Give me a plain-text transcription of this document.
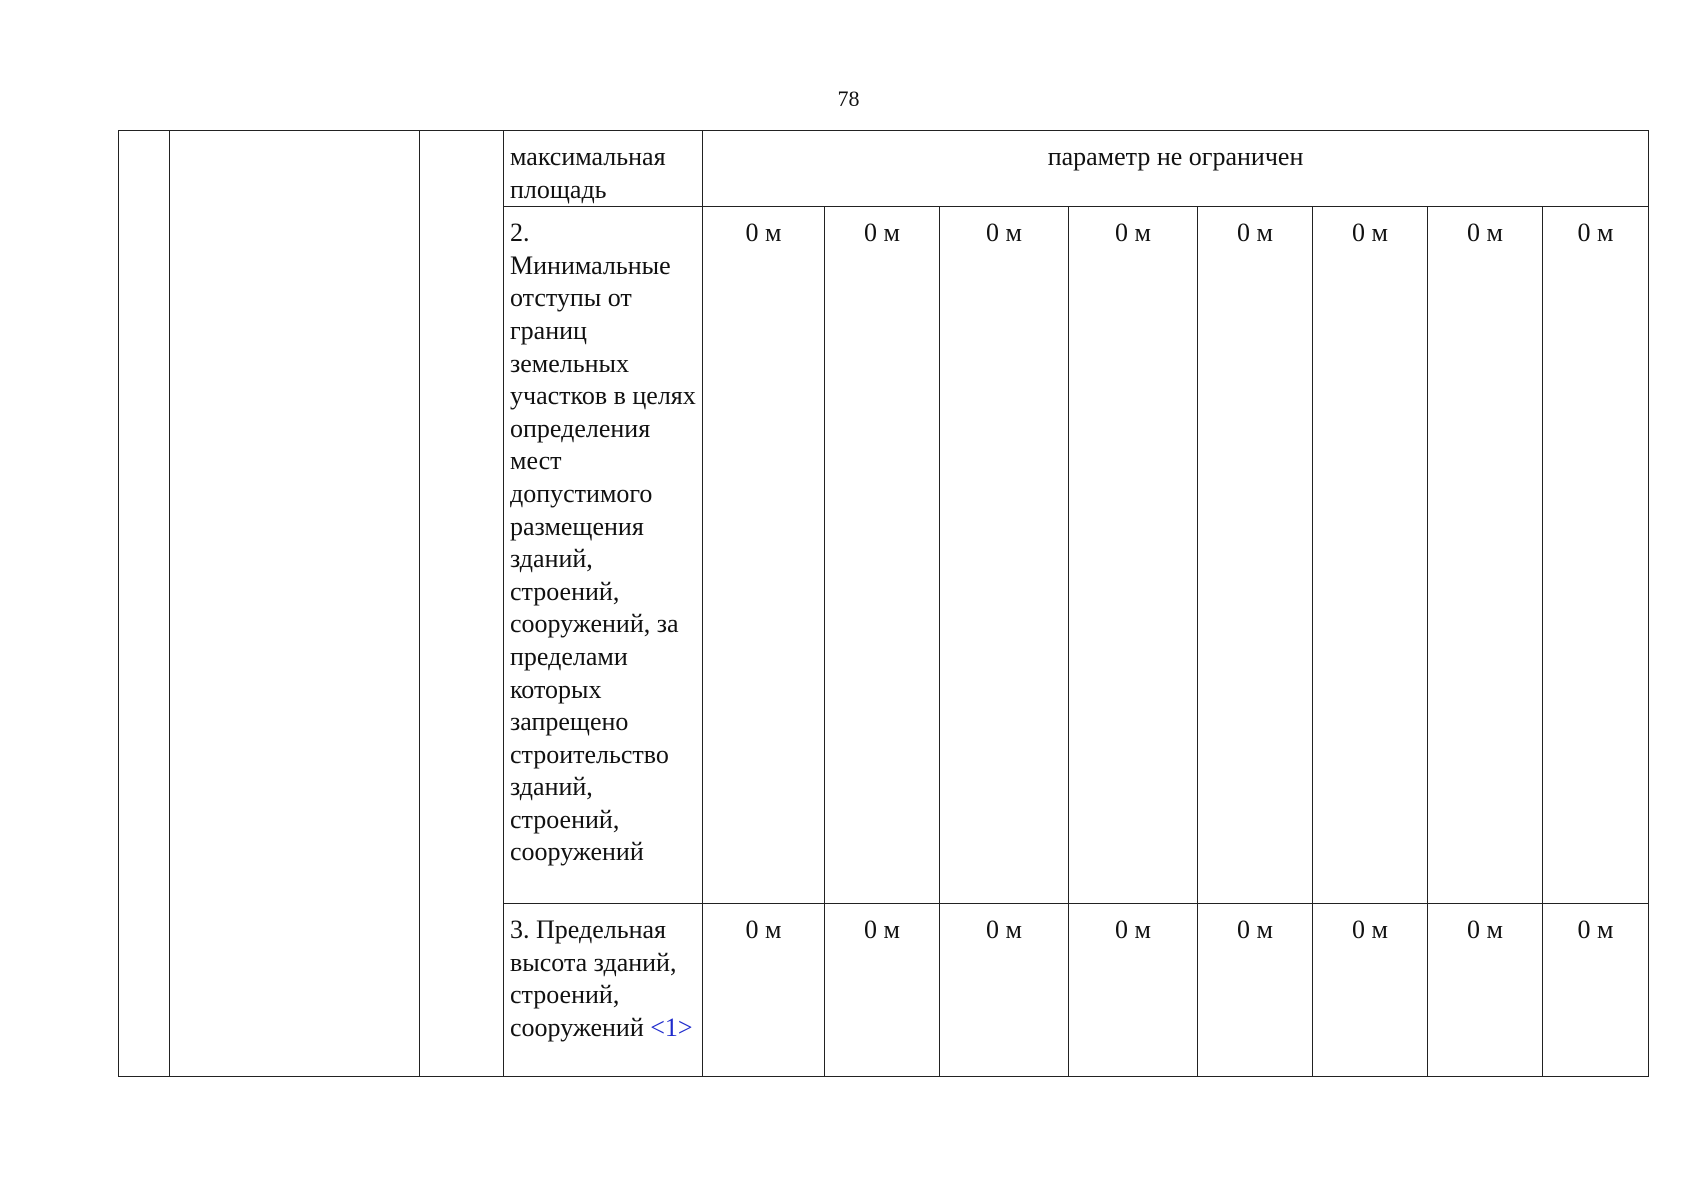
78
			максимальная площадь	параметр не ограничен							
			2. Минимальные отступы от границ земельных участков в целях определения мест допустимого размещения зданий, строений, сооружений, за пределами которых запрещено строительство зданий, строений, сооружений	0 м	0 м	0 м	0 м	0 м	0 м	0 м	0 м
			3. Предельная высота зданий, строений, сооружений <1>	0 м	0 м	0 м	0 м	0 м	0 м	0 м	0 м
